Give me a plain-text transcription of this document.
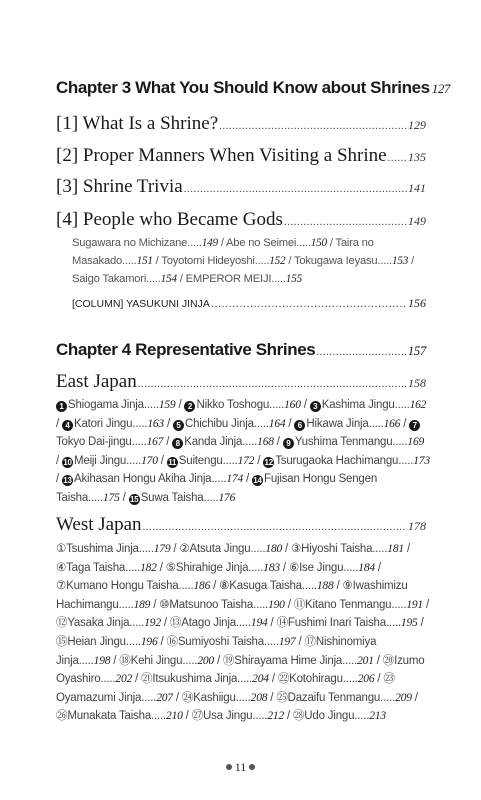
Chapter 3 What You Should Know about Shrines 127
[1] What Is a Shrine? .....	129
[2] Proper Manners When Visiting a Shrine ..... 135
[3] Shrine Trivia .....	141
[4] People who Became Gods .....	149
Sugawara no Michizane.....149 / Abe no Seimei.....150 / Taira no Masakado.....151 / Toyotomi Hideyoshi.....152 / Tokugawa Ieyasu.....153 / Saigo Takamori.....154 / EMPEROR MEIJI.....155
[COLUMN] YASUKUNI JINJA .....	156
Chapter 4 Representative Shrines .....	157
East Japan .....	158
1 Shiogama Jinja.....159 / 2 Nikko Toshogu.....160 / 3 Kashima Jingu.....162 / 4 Katori Jingu.....163 / 5 Chichibu Jinja.....164 / 6 Hikawa Jinja.....166 / 7Tokyo Dai-jingu.....167 / 8 Kanda Jinja.....168 / 9 Yushima Tenmangu.....169 / 10 Meiji Jingu.....170 / 11 Suitengu.....172 / 12 Tsurugaoka Hachimangu.....173 / 13 Akihasan Hongu Akiha Jinja.....174 / 14 Fujisan Hongu Sengen Taisha.....175 / 15 Suwa Taisha.....176
West Japan .....	178
①Tsushima Jinja.....179 / ②Atsuta Jingu.....180 / ③Hiyoshi Taisha.....181 / ④Taga Taisha.....182 / ⑤Shirahige Jinja.....183 / ⑥Ise Jingu.....184 / ⑦Kumano Hongu Taisha.....186 / ⑧Kasuga Taisha.....188 / ⑨Iwashimizu Hachimangu.....189 / ⑩Matsunoo Taisha.....190 / ⑪Kitano Tenmangu.....191 / ⑫Yasaka Jinja.....192 / ⑬Atago Jinja.....194 / ⑭Fushimi Inari Taisha.....195 / ⑮Heian Jingu.....196 / ⑯Sumiyoshi Taisha.....197 / ⑰Nishinomiya Jinja.....198 / ⑱Kehi Jingu.....200 / ⑲Shirayama Hime Jinja.....201 / ⑳Izumo Oyashiro.....202 / ㉑Itsukushima Jinja.....204 / ㉒Kotohiragu.....206 / ㉓Oyamazumi Jinja.....207 / ㉔Kashiigu.....208 / ㉕Dazaifu Tenmangu.....209 / ㉖Munakata Taisha.....210 / ㉗Usa Jingu.....212 / ㉘Udo Jingu.....213
11
